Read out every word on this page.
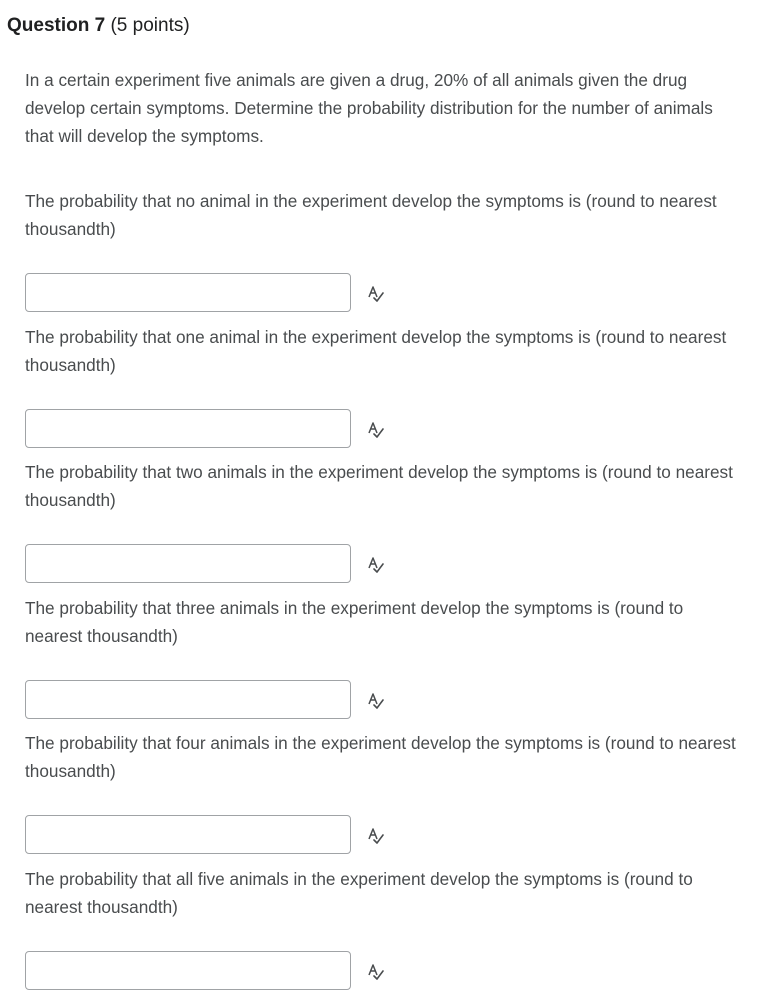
Question 7 (5 points)
In a certain experiment five animals are given a drug, 20% of all animals given the drug develop certain symptoms. Determine the probability distribution for the number of animals that will develop the symptoms.
The probability that no animal in the experiment develop the symptoms is (round to nearest thousandth)
The probability that one animal in the experiment develop the symptoms is (round to nearest thousandth)
The probability that two animals in the experiment develop the symptoms is (round to nearest thousandth)
The probability that three animals in the experiment develop the symptoms is (round to nearest thousandth)
The probability that four animals in the experiment develop the symptoms is (round to nearest thousandth)
The probability that all five animals in the experiment develop the symptoms is (round to nearest thousandth)
